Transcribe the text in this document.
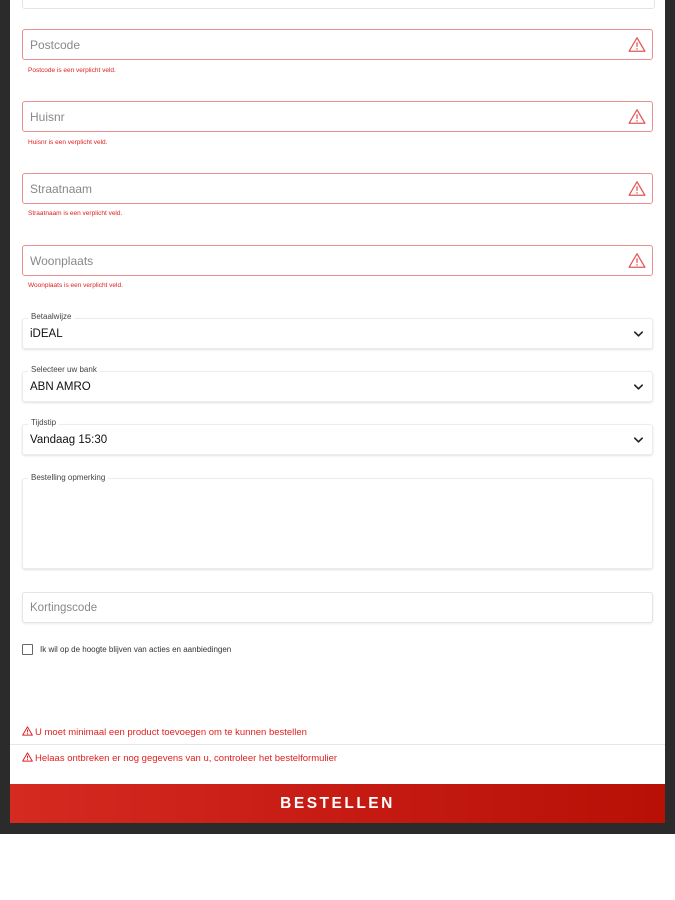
Postcode
Postcode is een verplicht veld.
Huisnr
Huisnr is een verplicht veld.
Straatnaam
Straatnaam is een verplicht veld.
Woonplaats
Woonplaats is een verplicht veld.
Betaalwijze
iDEAL
Selecteer uw bank
ABN AMRO
Tijdstip
Vandaag 15:30
Bestelling opmerking
Kortingscode
Ik wil op de hoogte blijven van acties en aanbiedingen
U moet minimaal een product toevoegen om te kunnen bestellen
Helaas ontbreken er nog gegevens van u, controleer het bestelformulier
BESTELLEN
